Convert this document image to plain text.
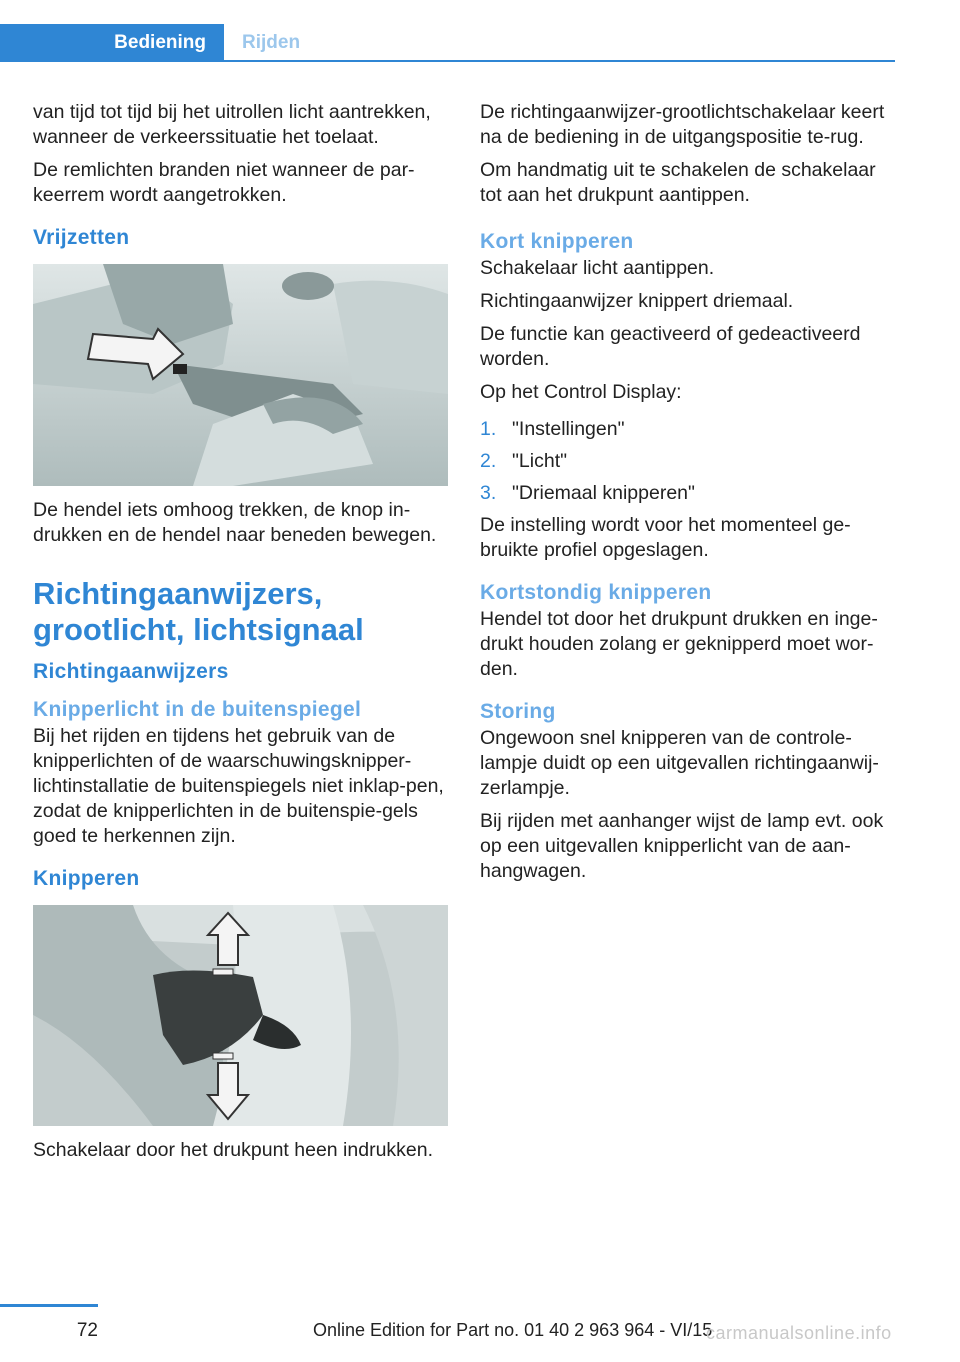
Bediening	Rijden

van tijd tot tijd bij het uitrollen licht aantrekken, wanneer de verkeerssituatie het toelaat.

De remlichten branden niet wanneer de par-keerrem wordt aangetrokken.

Vrijzetten

De hendel iets omhoog trekken, de knop in-drukken en de hendel naar beneden bewegen.

Richtingaanwijzers, grootlicht, lichtsignaal
Richtingaanwijzers
Knipperlicht in de buitenspiegel

Bij het rijden en tijdens het gebruik van de knipperlichten of de waarschuwingsknipper-lichtinstallatie de buitenspiegels niet inklap-pen, zodat de knipperlichten in de buitenspie-gels goed te herkennen zijn.

Knipperen

Schakelaar door het drukpunt heen indrukken.

De richtingaanwijzer-grootlichtschakelaar keert na de bediening in de uitgangspositie te-rug.

Om handmatig uit te schakelen de schakelaar tot aan het drukpunt aantippen.

Kort knipperen

Schakelaar licht aantippen.

Richtingaanwijzer knippert driemaal.

De functie kan geactiveerd of gedeactiveerd worden.

Op het Control Display:

1. "Instellingen"
2. "Licht"
3. "Driemaal knipperen"

De instelling wordt voor het momenteel ge-bruikte profiel opgeslagen.

Kortstondig knipperen

Hendel tot door het drukpunt drukken en inge-drukt houden zolang er geknipperd moet wor-den.

Storing

Ongewoon snel knipperen van de controle-lampje duidt op een uitgevallen richtingaanwij-zerlampje.

Bij rijden met aanhanger wijst de lamp evt. ook op een uitgevallen knipperlicht van de aan-hangwagen.

72	Online Edition for Part no. 01 40 2 963 964 - VI/15
carmanualsonline.info
